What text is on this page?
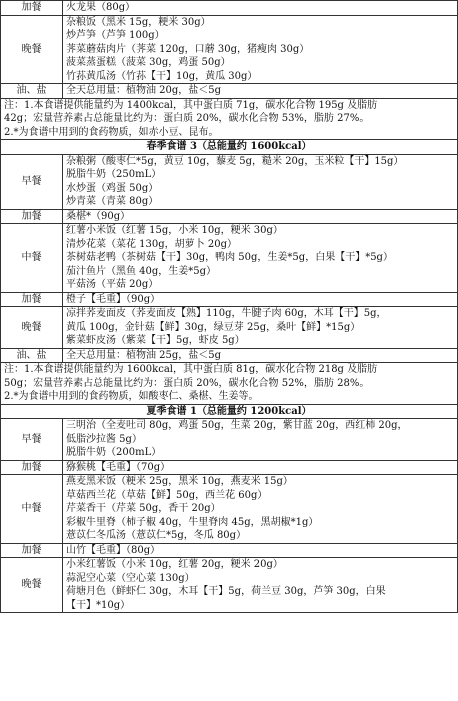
加餐	火龙果（80g）

晚餐	杂粮饭（黑米 15g，粳米 30g）
炒芦笋（芦笋 100g）
荠菜蘑菇肉片（荠菜 120g，口蘑 30g，猪瘦肉 30g）
菠菜蒸蛋糕（菠菜 30g，鸡蛋 50g）
竹荪黄瓜汤（竹荪【干】10g，黄瓜 30g）

油、盐	全天总用量：植物油 20g，盐＜5g

注：1.本食谱提供能量约为 1400kcal，其中蛋白质 71g，碳水化合物 195g 及脂肪
42g；宏量营养素占总能量比约为：蛋白质 20%，碳水化合物 53%，脂肪 27%。
2.*为食谱中用到的食药物质，如赤小豆、昆布。	

春季食谱 3（总能量约 1600kcal）	
早餐	杂粮粥（酸枣仁*5g，黄豆 10g，藜麦 5g，糙米 20g，玉米粒【干】15g）
脱脂牛奶（250mL）
水炒蛋（鸡蛋 50g）
炒青菜（青菜 80g）

加餐	桑椹*（90g）

中餐	红薯小米饭（红薯 15g，小米 10g，粳米 30g）
清炒花菜（菜花 130g，胡萝卜 20g）
茶树菇老鸭（茶树菇【干】30g，鸭肉 50g，生姜*5g，白果【干】*5g）
茄汁鱼片（黑鱼 40g，生姜*5g）
平菇汤（平菇 20g）

加餐	橙子【毛重】（90g）

晚餐	凉拌荞麦面皮（荞麦面皮【熟】110g，牛腱子肉 60g，木耳【干】5g，
黄瓜 100g，金针菇【鲜】30g，绿豆芽 25g，桑叶【鲜】*15g）
紫菜虾皮汤（紫菜【干】5g，虾皮 5g）

油、盐	全天总用量：植物油 25g，盐＜5g

注：1.本食谱提供能量约为 1600kcal，其中蛋白质 81g，碳水化合物 218g 及脂肪
50g；宏量营养素占总能量比约为：蛋白质 20%，碳水化合物 52%，脂肪 28%。
2.*为食谱中用到的食药物质，如酸枣仁、桑椹、生姜等。	

夏季食谱 1（总能量约 1200kcal）	
早餐	三明治（全麦吐司 80g，鸡蛋 50g，生菜 20g，紫甘蓝 20g，西红柿 20g，
低脂沙拉酱 5g）
脱脂牛奶（200mL）

加餐	猕猴桃【毛重】（70g）

中餐	燕麦黑米饭（粳米 25g，黑米 10g，燕麦米 15g）
草菇西兰花（草菇【鲜】50g，西兰花 60g）
芹菜香干（芹菜 50g，香干 20g）
彩椒牛里脊（柿子椒 40g，牛里脊肉 45g，黑胡椒*1g）
薏苡仁冬瓜汤（薏苡仁*5g，冬瓜 80g）

加餐	山竹【毛重】（80g）

晚餐	小米红薯饭（小米 10g，红薯 20g，粳米 20g）
蒜泥空心菜（空心菜 130g）
荷塘月色（鲜虾仁 30g，木耳【干】5g，荷兰豆 30g，芦笋 30g，白果
【干】*10g）
